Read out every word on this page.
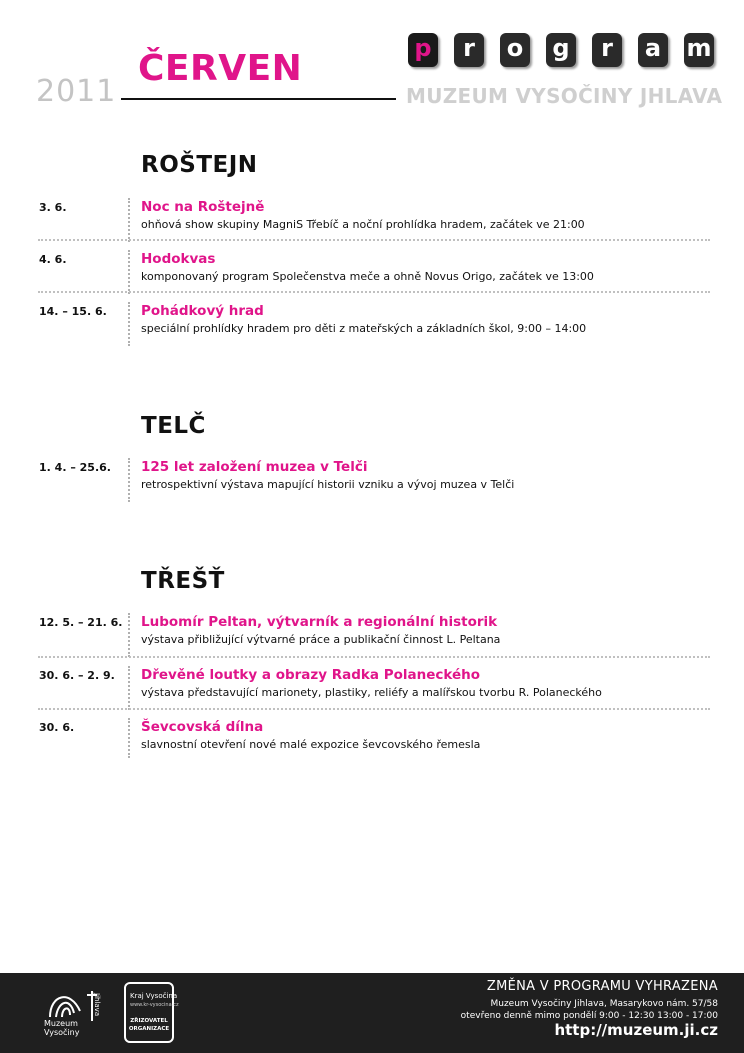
2011
ČERVEN	p	r	o g	r	a m
MUZEUM VYSOČINY JHLAVA
ROŠTEJN
3. 6.	Noc na Roštejně
ohňová show skupiny MagniS Třebíč a noční prohlídka hradem, začátek ve 21:00
4. 6.	Hodokvas
komponovaný program Společenstva meče a ohně Novus Origo, začátek ve 13:00
14. – 15. 6.	Pohádkový hrad
speciální prohlídky hradem pro děti z mateřských a základních škol, 9:00 – 14:00
TELČ
1. 4. – 25.6. 125 let založení muzea v Telči
retrospektivní výstava mapující historii vzniku a vývoj muzea v Telči
TŘEŠŤ
12. 5. – 21. 6. Lubomír Peltan, výtvarník a regionální historik
výstava přibližující výtvarné práce a publikační činnost L. Peltana
30. 6. – 2. 9. Dřevěné loutky a obrazy Radka Polaneckého
výstava představující marionety, plastiky, reliéfy a malířskou tvorbu R. Polaneckého
30. 6.	Ševcovská dílna
slavnostní otevření nové malé expozice ševcovského řemesla
Muzeum
Vysočiny
Jihlava	Kraj Vysočina
www.kr-vysocina.cz
ZŘIZOVATEL ORGANIZACE
ZMĚNA V PROGRAMU VYHRAZENA
Muzeum Vysočiny Jihlava, Masarykovo nám. 57/58
otevřeno denně mimo pondělí 9:00 - 12:30 13:00 - 17:00
http://muzeum.ji.cz
